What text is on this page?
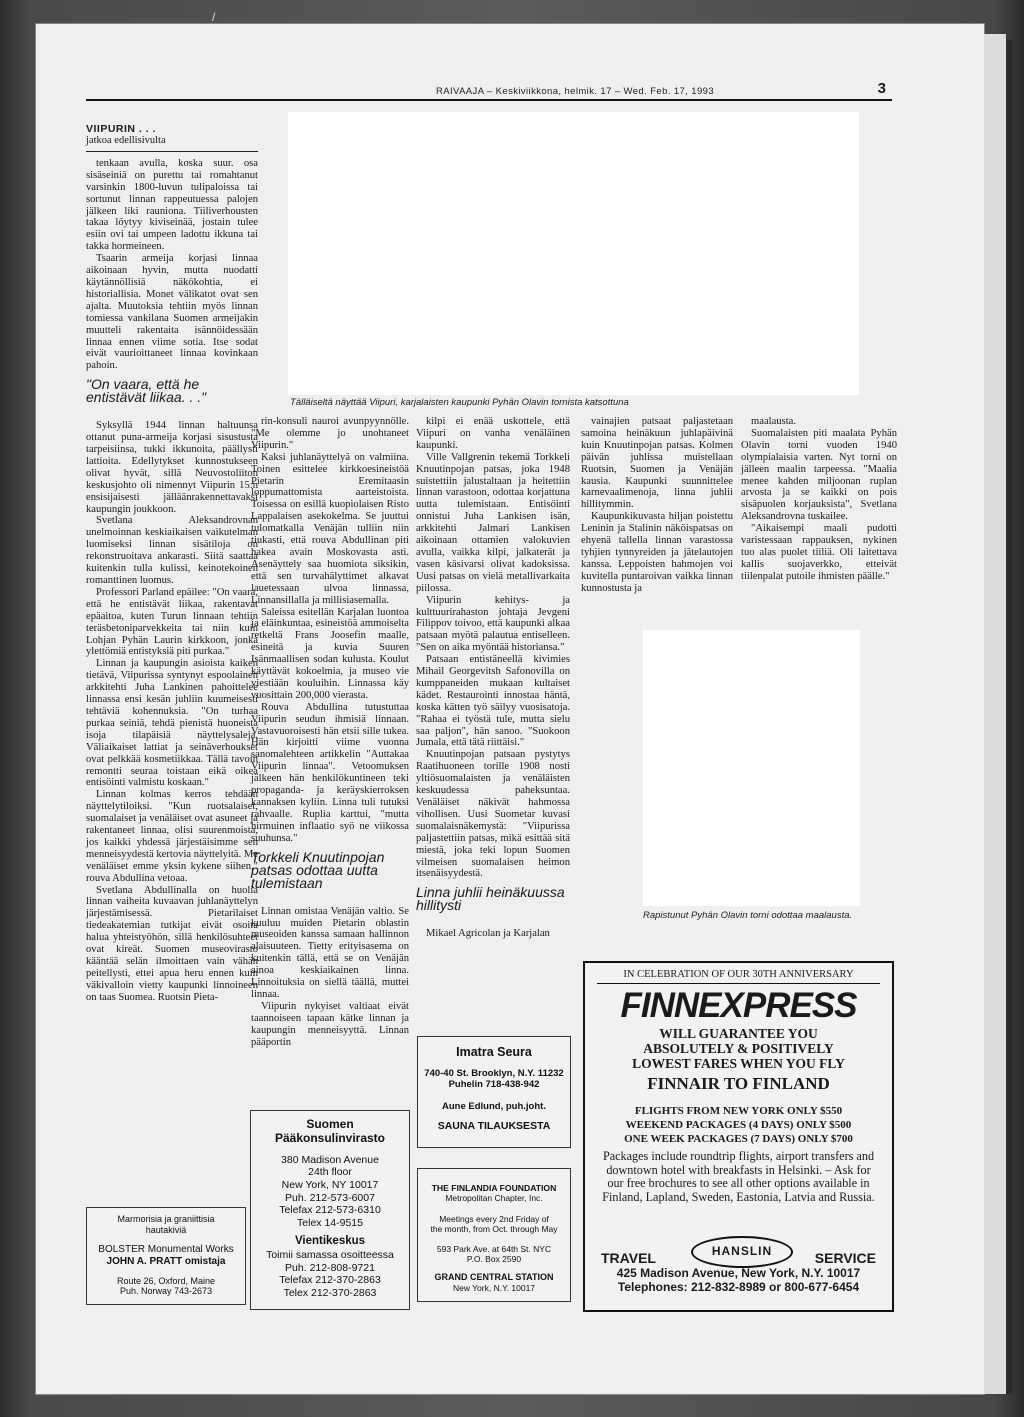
/
RAIVAAJA – Keskiviikkona, helmik. 17 – Wed. Feb. 17, 1993	3
VIIPURIN . . .
jatkoa edellisivulta

tenkaan avulla, koska suur. osa sisäseiniä on purettu tai romahtanut varsinkin 1800-luvun tulipaloissa tai sortunut linnan rappeutuessa palojen jälkeen liki rauniona. Tiiliverhousten takaa löytyy kiviseinää, jostain tulee esiin ovi tai umpeen ladottu ikkuna tai takka hormeineen.

Tsaarin armeija korjasi linnaa aikoinaan hyvin, mutta nuodatti käytännöllisiä näkökohtia, ei historiallisia. Monet välikatot ovat sen ajalta. Muutoksia tehtiin myös linnan tomiessa vankilana Suomen armeijakin muutteli rakentaita isännöidessään linnaa ennen viime sotia. Itse sodat eivät vaurioittaneet linnaa kovinkaan pahoin.

"On vaara, että he entistävät liikaa. . ."

Syksyllä 1944 linnan haltuunsa ottanut puna-armeija korjasi sisustusta tarpeisiinsa, tukki ikkunoita, päällysti lattioita. Edellytykset kunnostukseen olivat hyvät, sillä Neuvostoliiton keskusjohto oli nimennyt Viipurin 15:n ensisijaisesti jälläänrakennettavaksi kaupungin joukkoon.

Svetlana Aleksandrovnan unelmoinnan keskiaikaisen vaikutelman luomiseksi linnan sisätiloja on rekonstruoitava ankarasti. Siitä saattaa kuitenkin tulla kulissi, keinotekoinen romanttinen luomus.

Professori Parland epäilee: "On vaara, että he entistävät liikaa, rakentavat epäaitoa, kuten Turun linnaan tehtiin teräsbetoniparvekkeita tai niin kuin Lohjan Pyhän Laurin kirkkoon, jonka ylettömiä entistyksiä piti purkaa."

Linnan ja kaupungin asioista kaiken tietävä, Viipurissa syntynyt espoolainen arkkitehti Juha Lankinen pahoittelee linnassa ensi kesän juhliin kuumeisesti tehtäviä kohennuksia. "On turhaa purkaa seiniä, tehdä pienistä huoneista isoja tilapäisiä näyttelysaleja. Väliaikaiset lattiat ja seinäverhoukset ovat pelkkää kosmetiikkaa. Tällä tavoin remontti seuraa toistaan eikä oikea entisöinti valmistu koskaan."

Linnan kolmas kerros tehdään näyttelytiloiksi. "Kun ruotsalaiset, suomalaiset ja venäläiset ovat asuneet ja rakentaneet linnaa, olisi suurenmoista, jos kaikki yhdessä järjestäisimme sen menneisyydestä kertovia näyttelyitä. Me venäläiset emme yksin kykene siihen," rouva Abdullina vetoaa.

Svetlana Abdullinalla on huolia linnan vaiheita kuvaavan juhlanäyttelyn järjestämisessä. Pietarilaiset tiedeakatemian tutkijat eivät osoita halua yhteistyöhön, sillä henkilösuhteet ovat kireät. Suomen museovirasto kääntää selän ilmoittaen vain vähän peitellysti, ettei apua heru ennen kuin väkivalloin vietty kaupunki linnoineen on taas Suomea. Ruotsin Pieta-

Tälläiseltä näyttää Viipuri, karjalaisten kaupunki Pyhän Olavin tornista katsottuna

rin-konsuli nauroi avunpyynnölle. "Me olemme jo unohtaneet Viipurin."

Kaksi juhlanäyttelyä on valmiina. Toinen esittelee kirkkoesineistöä Pietarin Eremitaasin loppumattomista aarteistoista. Toisessa on esillä kuopiolaisen Risto Lappalaisen asekokelma. Se juuttui tulomatkalla Venäjän tulliin niin tiukasti, että rouva Abdullinan piti hakea avain Moskovasta asti. Asenäyttely saa huomiota siksikin, että sen turvahälyttimet alkavat lauetessaan ulvoa linnassa, Linnansillalla ja millisiasemalla.

Saleissa esitellän Karjalan luontoa ja eläinkuntaa, esineistöä ammoiselta retkeltä Frans Joosefin maalle, esineitä ja kuvia Suuren Isänmaallisen sodan kulusta. Koulut käyttävät kokoelmia, ja museo vie viestiään kouluihin. Linnassa käy vuosittain 200,000 vierasta.

Rouva Abdullina tutustuttaa Viipurin seudun ihmisiä linnaan. Vastavuoroisesti hän etsii sille tukea. Hän kirjoitti viime vuonna sanomalehteen artikkelin "Auttakaa Viipurin linnaa". Vetoomuksen jälkeen hän henkilökuntineen teki propaganda- ja keräyskierroksen kannaksen kyliin. Linna tuli tutuksi rahvaalle. Ruplia karttui, "mutta hirmuinen inflaatio syö ne viikossa suuhunsa."

Torkkeli Knuutinpojan patsas odottaa uutta tulemistaan

Linnan omistaa Venäjän valtio. Se kuuluu muiden Pietarin oblastin museoiden kanssa samaan hallinnon alaisuuteen. Tietty erityisasema on kuitenkin tällä, että se on Venäjän ainoa keskiaikainen linna. Linnoituksia on siellä täällä, muttei linnaa.

Viipurin nykyiset valtiaat eivät taannoiseen tapaan kätke linnan ja kaupungin menneisyyttä. Linnan pääportin

kilpi ei enää uskottele, että Viipuri on vanha venäläinen kaupunki.

Ville Vallgrenin tekemä Torkkeli Knuutinpojan patsas, joka 1948 suistettiin jalustaltaan ja heitettiin linnan varastoon, odottaa korjattuna uutta tulemistaan. Entisöinti onnistui Juha Lankisen isän, arkkitehti Jalmari Lankisen aikoinaan ottamien valokuvien avulla, vaikka kilpi, jalkaterät ja vasen käsivarsi olivat kadoksissa. Uusi patsas on vielä metallivarkaita piilossa.

Viipurin kehitys- ja kulttuurirahaston johtaja Jevgeni Filippov toivoo, että kaupunki alkaa patsaan myötä palautua entiselleen. "Sen on aika myöntää historiansa."

Patsaan entistäneellä kivimies Mihail Georgevitsh Safonovilla on kumppaneiden mukaan kultaiset kädet. Restaurointi innostaa häntä, koska kätten työ säilyy vuosisatoja. "Rahaa ei työstä tule, mutta sielu saa paljon", hän sanoo. "Suokoon Jumala, että tätä riittäisi."

Knuutinpojan patsaan pystytys Raatihuoneen torille 1908 nosti yltiösuomalaisten ja venäläisten keskuudessa paheksuntaa. Venäläiset näkivät hahmossa vihollisen. Uusi Suometar kuvasi suomalaisnäkemystä: "Viipurissa paljastettiin patsas, mikä esittää sitä miestä, joka teki lopun Suomen vilmeisen suomalaisen heimon itsenäisyydestä.

Linna juhlii heinäkuussa hillitysti

Mikael Agricolan ja Karjalan

vainajien patsaat paljastetaan samoina heinäkuun juhlapäivinä kuin Knuutinpojan patsas. Kolmen päivän juhlissa muistellaan Ruotsin, Suomen ja Venäjän kausia. Kaupunki suunnittelee karnevaalimenoja, linna juhlii hillitymmin.

Kaupunkikuvasta hiljan poistettu Leninin ja Stalinin näköispatsas on ehyenä tallella linnan varastossa tyhjien tynnyreiden ja jätelautojen kanssa. Leppoisten hahmojen voi kuvitella puntaroivan vaikka linnan kunnostusta ja

maalausta.

Suomalaisten piti maalata Pyhän Olavin torni vuoden 1940 olympialaisia varten. Nyt torni on jälleen maalin tarpeessa. "Maalia menee kahden miljoonan ruplan arvosta ja se kaikki on pois sisäpuolen korjauksista", Svetlana Aleksandrovna tuskailee.

"Aikaisempi maali pudotti varistessaan rappauksen, nykinen tuo alas puolet tiiliä. Oli laitettava kallis suojaverkko, etteivät tiilenpalat putoile ihmisten päälle."

Rapistunut Pyhän Olavin torni odottaa maalausta.
Marmorisia ja graniittisia
hautakiviä
BOLSTER Monumental Works
JOHN A. PRATT omistaja
Route 26, Oxford, Maine
Puh. Norway 743-2673
Suomen
Pääkonsulinvirasto
380 Madison Avenue
24th floor
New York, NY 10017
Puh. 212-573-6007
Telefax 212-573-6310
Telex 14-9515
Vientikeskus
Toimii samassa osoitteessa
Puh. 212-808-9721
Telefax 212-370-2863
Telex 212-370-2863
Imatra Seura
740-40 St. Brooklyn, N.Y. 11232
Puhelin 718-438-942
Aune Edlund, puh.joht.
SAUNA TILAUKSESTA
THE FINLANDIA FOUNDATION
Metropolitan Chapter, Inc.
Meetings every 2nd Friday of
the month, from Oct. through May
593 Park Ave. at 64th St. NYC
P.O. Box 2590
GRAND CENTRAL STATION
New York, N.Y. 10017
IN CELEBRATION OF OUR 30TH ANNIVERSARY
FINNEXPRESS
WILL GUARANTEE YOU
ABSOLUTELY & POSITIVELY
LOWEST FARES WHEN YOU FLY
FINNAIR TO FINLAND
FLIGHTS FROM NEW YORK ONLY $550
WEEKEND PACKAGES (4 DAYS) ONLY $500
ONE WEEK PACKAGES (7 DAYS) ONLY $700
Packages include roundtrip flights, airport transfers and downtown hotel with breakfasts in Helsinki. – Ask for our free brochures to see all other options available in Finland, Lapland, Sweden, Eastonia, Latvia and Russia.
TRAVEL	HANSLIN	SERVICE
425 Madison Avenue, New York, N.Y. 10017
Telephones: 212-832-8989 or 800-677-6454
